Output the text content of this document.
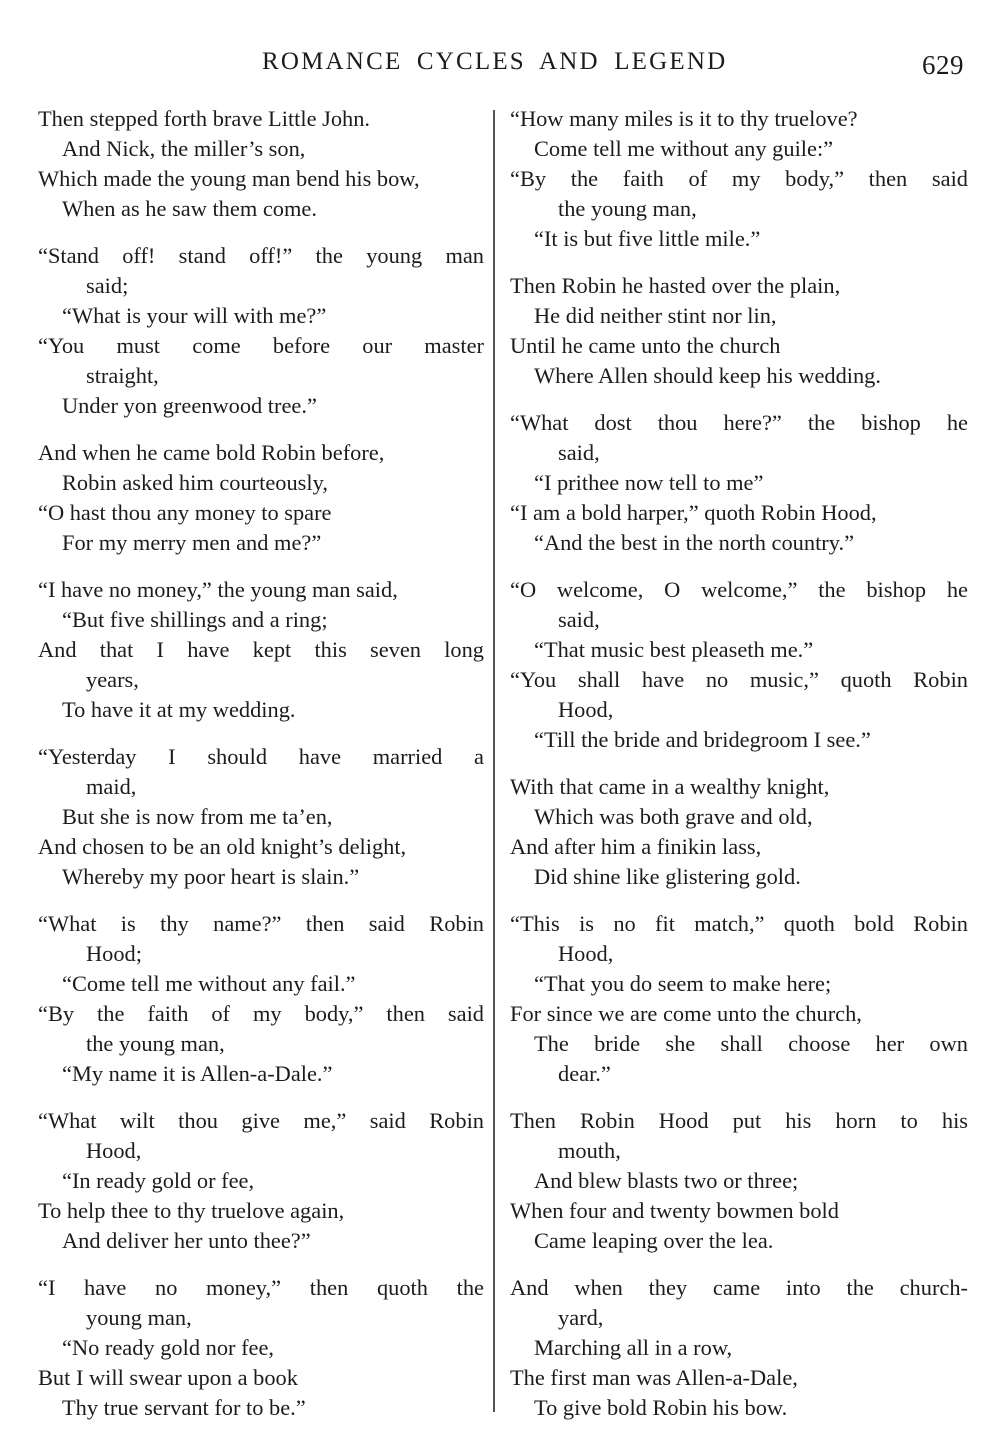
ROMANCE CYCLES AND LEGEND	629
Then stepped forth brave Little John.
And Nick, the miller’s son,
Which made the young man bend his bow,
When as he saw them come.
“Stand off! stand off!” the young man
said;
“What is your will with me?”
“You must come before our master
straight,
Under yon greenwood tree.”
And when he came bold Robin before,
Robin asked him courteously,
“O hast thou any money to spare
For my merry men and me?”
“I have no money,” the young man said,
“But five shillings and a ring;
And that I have kept this seven long
years,
To have it at my wedding.
“Yesterday I should have married a
maid,
But she is now from me ta’en,
And chosen to be an old knight’s delight,
Whereby my poor heart is slain.”
“What is thy name?” then said Robin
Hood;
“Come tell me without any fail.”
“By the faith of my body,” then said
the young man,
“My name it is Allen-a-Dale.”
“What wilt thou give me,” said Robin
Hood,
“In ready gold or fee,
To help thee to thy truelove again,
And deliver her unto thee?”
“I have no money,” then quoth the
young man,
“No ready gold nor fee,
But I will swear upon a book
Thy true servant for to be.”
“How many miles is it to thy truelove?
Come tell me without any guile:”
“By the faith of my body,” then said
the young man,
“It is but five little mile.”
Then Robin he hasted over the plain,
He did neither stint nor lin,
Until he came unto the church
Where Allen should keep his wedding.
“What dost thou here?” the bishop he
said,
“I prithee now tell to me”
“I am a bold harper,” quoth Robin Hood,
“And the best in the north country.”
“O welcome, O welcome,” the bishop he
said,
“That music best pleaseth me.”
“You shall have no music,” quoth Robin
Hood,
“Till the bride and bridegroom I see.”
With that came in a wealthy knight,
Which was both grave and old,
And after him a finikin lass,
Did shine like glistering gold.
“This is no fit match,” quoth bold Robin
Hood,
“That you do seem to make here;
For since we are come unto the church,
The bride she shall choose her own
dear.”
Then Robin Hood put his horn to his
mouth,
And blew blasts two or three;
When four and twenty bowmen bold
Came leaping over the lea.
And when they came into the church-
yard,
Marching all in a row,
The first man was Allen-a-Dale,
To give bold Robin his bow.
